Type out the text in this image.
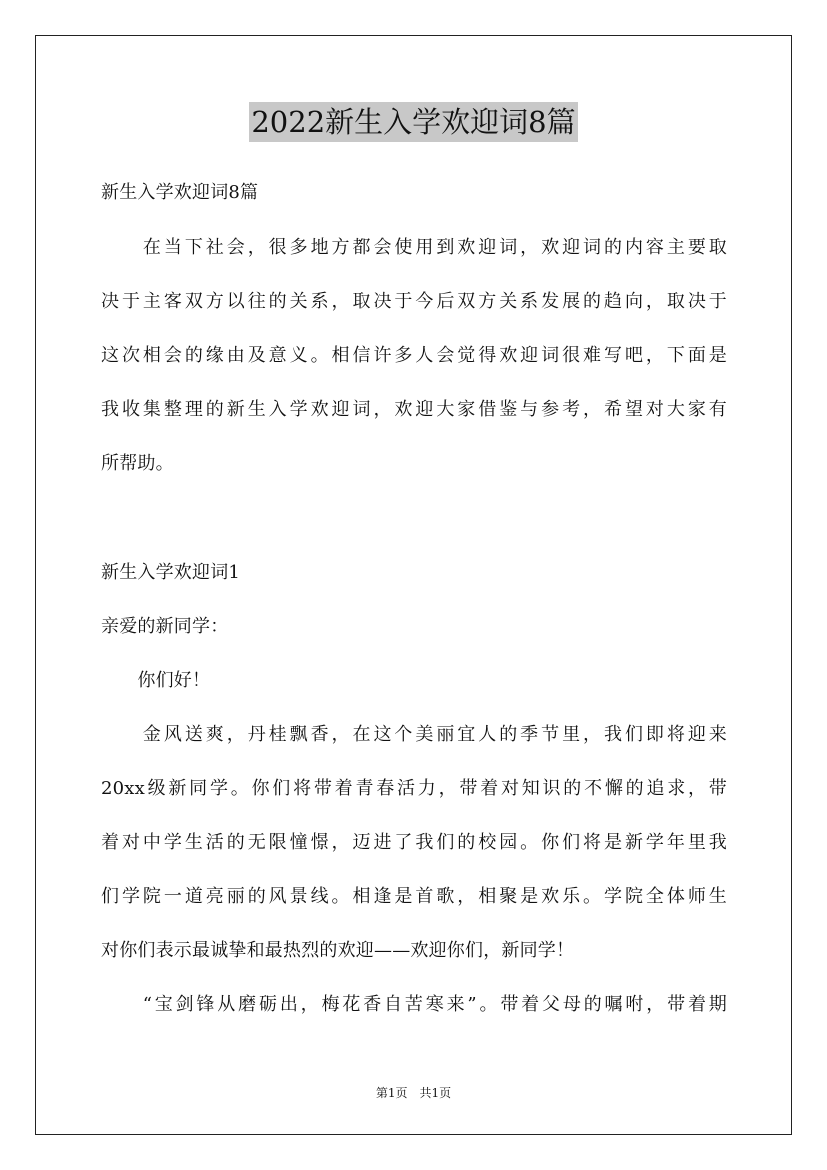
2022新生入学欢迎词8篇
新生入学欢迎词8篇
　　在当下社会，很多地方都会使用到欢迎词，欢迎词的内容主要取
决于主客双方以往的关系，取决于今后双方关系发展的趋向，取决于
这次相会的缘由及意义。相信许多人会觉得欢迎词很难写吧，下面是
我收集整理的新生入学欢迎词，欢迎大家借鉴与参考，希望对大家有
所帮助。
新生入学欢迎词1
亲爱的新同学：
　　你们好！
　　金风送爽，丹桂飘香，在这个美丽宜人的季节里，我们即将迎来
20xx级新同学。你们将带着青春活力，带着对知识的不懈的追求，带
着对中学生活的无限憧憬，迈进了我们的校园。你们将是新学年里我
们学院一道亮丽的风景线。相逢是首歌，相聚是欢乐。学院全体师生
对你们表示最诚挚和最热烈的欢迎——欢迎你们，新同学！
　　“宝剑锋从磨砺出，梅花香自苦寒来”。带着父母的嘱咐，带着期
第1页　共1页
